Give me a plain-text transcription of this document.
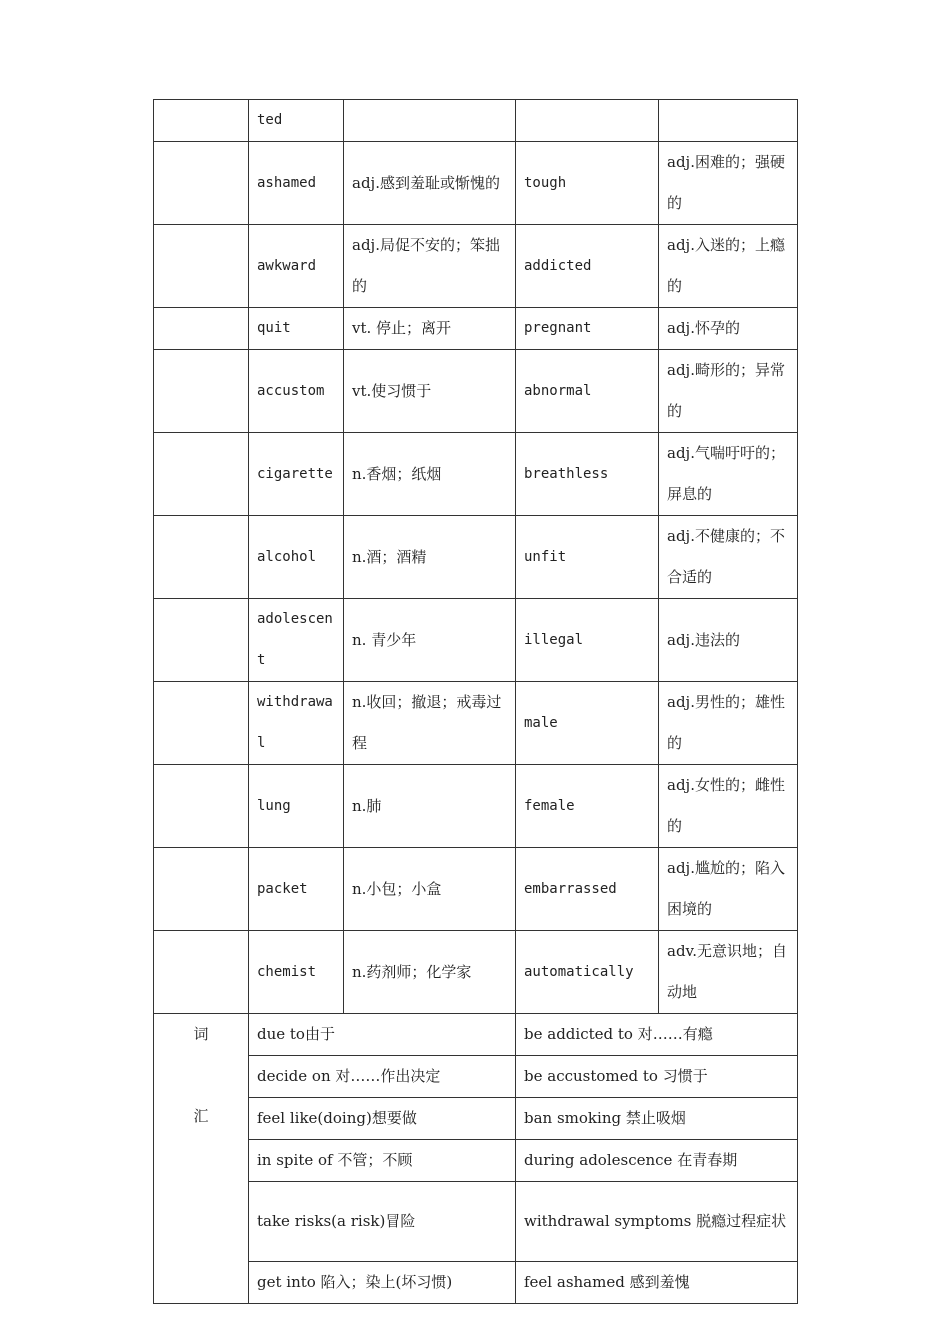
	ted			
	ashamed	adj.感到羞耻或惭愧的	tough	adj.困难的；强硬的
	awkward	adj.局促不安的；笨拙的	addicted	adj.入迷的；上瘾的
	quit	vt. 停止；离开	pregnant	adj.怀孕的
	accustom	vt.使习惯于	abnormal	adj.畸形的；异常的
	cigarette	n.香烟；纸烟	breathless	adj.气喘吁吁的；屏息的
	alcohol	n.酒；酒精	unfit	adj.不健康的；不合适的
	adolescent	n. 青少年	illegal	adj.违法的
	withdrawal	n.收回；撤退；戒毒过程	male	adj.男性的；雄性的
	lung	n.肺	female	adj.女性的；雌性的
	packet	n.小包；小盒	embarrassed	adj.尴尬的；陷入困境的
	chemist	n.药剂师；化学家	automatically	adv.无意识地；自动地
词

汇	due to由于		be addicted to 对……有瘾	
	decide on 对……作出决定		be accustomed to 习惯于	
	feel like(doing)想要做		ban smoking 禁止吸烟	
	in spite of 不管；不顾		during adolescence 在青春期	
	take risks(a risk)冒险		withdrawal symptoms 脱瘾过程症状	
	get into 陷入；染上(坏习惯)		feel ashamed 感到羞愧	
